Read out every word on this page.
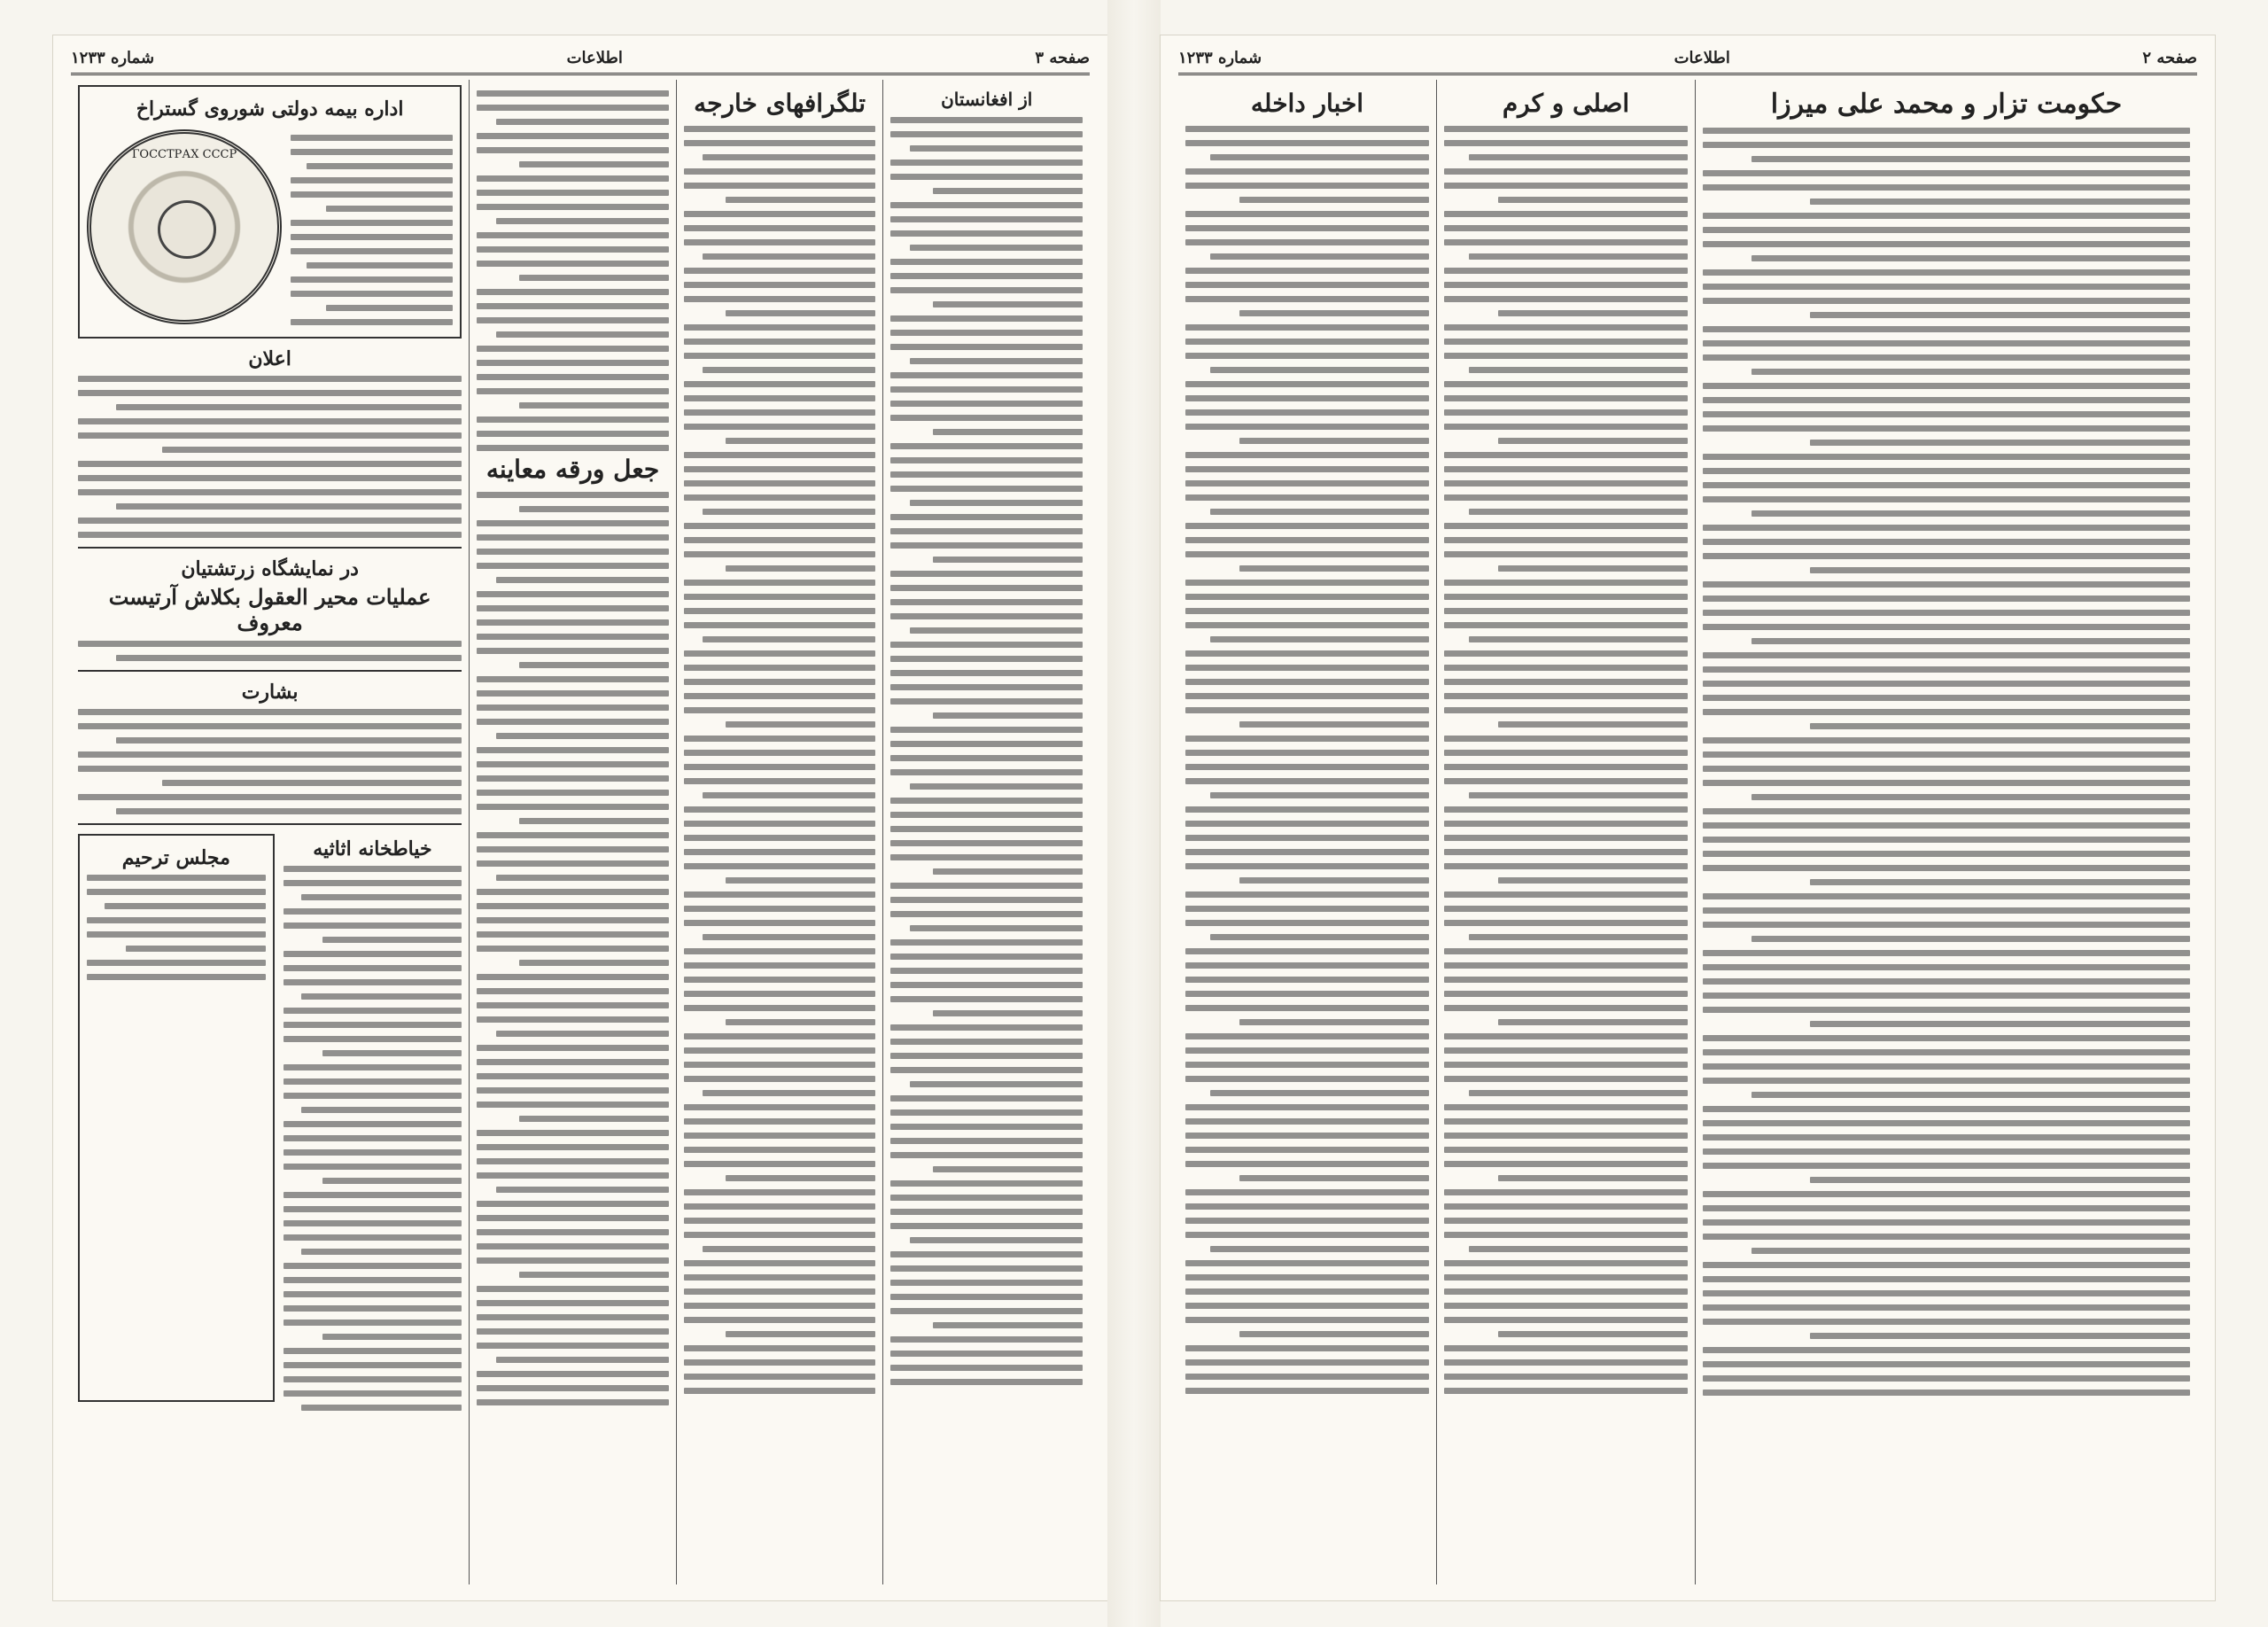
صفحه ۳
اطلاعات
شماره ۱۲۳۳
از افغانستان
تلگرافهای خارجه
جعل ورقه معاینه
اداره بیمه دولتی شوروی گستراخ
ГОССТРАХ СССР
اعلان
در نمایشگاه زرتشتیان
عملیات محیر العقول بکلاش آرتیست معروف
بشارت
خیاطخانه اثاثیه
مجلس ترحیم
صفحه ۲
اطلاعات
شماره ۱۲۳۳
حکومت تزار و محمد علی میرزا
اصلی و کرم
اخبار داخله
